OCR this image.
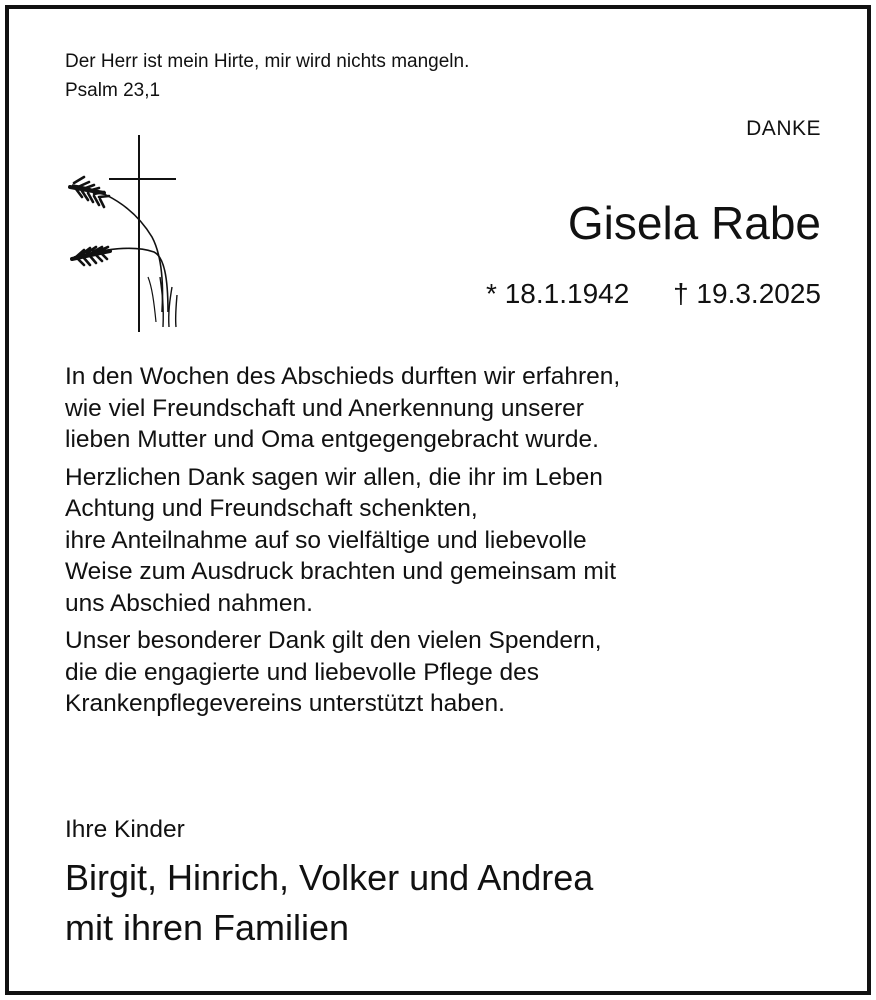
Der Herr ist mein Hirte, mir wird nichts mangeln.
Psalm 23,1
DANKE
Gisela Rabe
* 18.1.1942 † 19.3.2025

In den Wochen des Abschieds durften wir erfahren,
wie viel Freundschaft und Anerkennung unserer
lieben Mutter und Oma entgegengebracht wurde.

Herzlichen Dank sagen wir allen, die ihr im Leben
Achtung und Freundschaft schenkten,
ihre Anteilnahme auf so vielfältige und liebevolle
Weise zum Ausdruck brachten und gemeinsam mit
uns Abschied nahmen.

Unser besonderer Dank gilt den vielen Spendern,
die die engagierte und liebevolle Pflege des
Krankenpflegevereins unterstützt haben.

Ihre Kinder
Birgit, Hinrich, Volker und Andrea
mit ihren Familien
